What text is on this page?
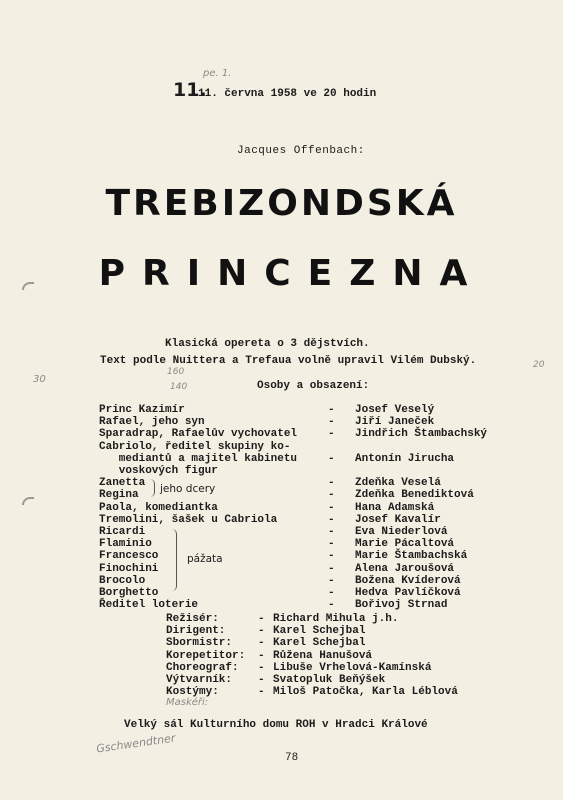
11.
pe. 1.
11. června 1958 ve 20 hodin
Jacques Offenbach:
TREBIZONDSKÁ
PRINCEZNA
Klasická opereta o 3 dějstvích.
Text podle Nuittera a Trefaua volně upravil Vilém Dubský.
160
30
140
20
Osoby a obsazení:
Princ Kazimír	- Josef Veselý
Rafael, jeho syn	- Jiří Janeček
Sparadrap, Rafaelův vychovatel	- Jindřich Štambachský
Cabriolo, ředitel skupiny ko-
mediantů a majitel kabinetu	- Antonín Jirucha
voskových figur
Zanetta	- Zdeňka Veselá
Regina	- Zdeňka Benediktová
Paola, komediantka	- Hana Adamská
Tremolini, šašek u Cabriola	- Josef Kavalír
Ricardi	- Eva Niederlová
Flaminio	- Marie Pácaltová
Francesco	- Marie Štambachská
Finochini	- Alena Jaroušová
Brocolo	- Božena Kvíderová
Borghetto	- Hedva Pavlíčková
Ředitel loterie	- Bořivoj Strnad
jeho dcery
pážata
Režisér:	- Richard Mihula j.h.
Dirigent:	- Karel Schejbal
Sbormistr: - Karel Schejbal
Korepetitor: - Růžena Hanušová
Choreograf: - Libuše Vrhelová-Kamínská
Výtvarník: - Svatopluk Beňýšek
Kostýmy:	- Miloš Patočka, Karla Léblová
Maskéři:
Velký sál Kulturního domu ROH v Hradci Králové
Gschwendtner
78
